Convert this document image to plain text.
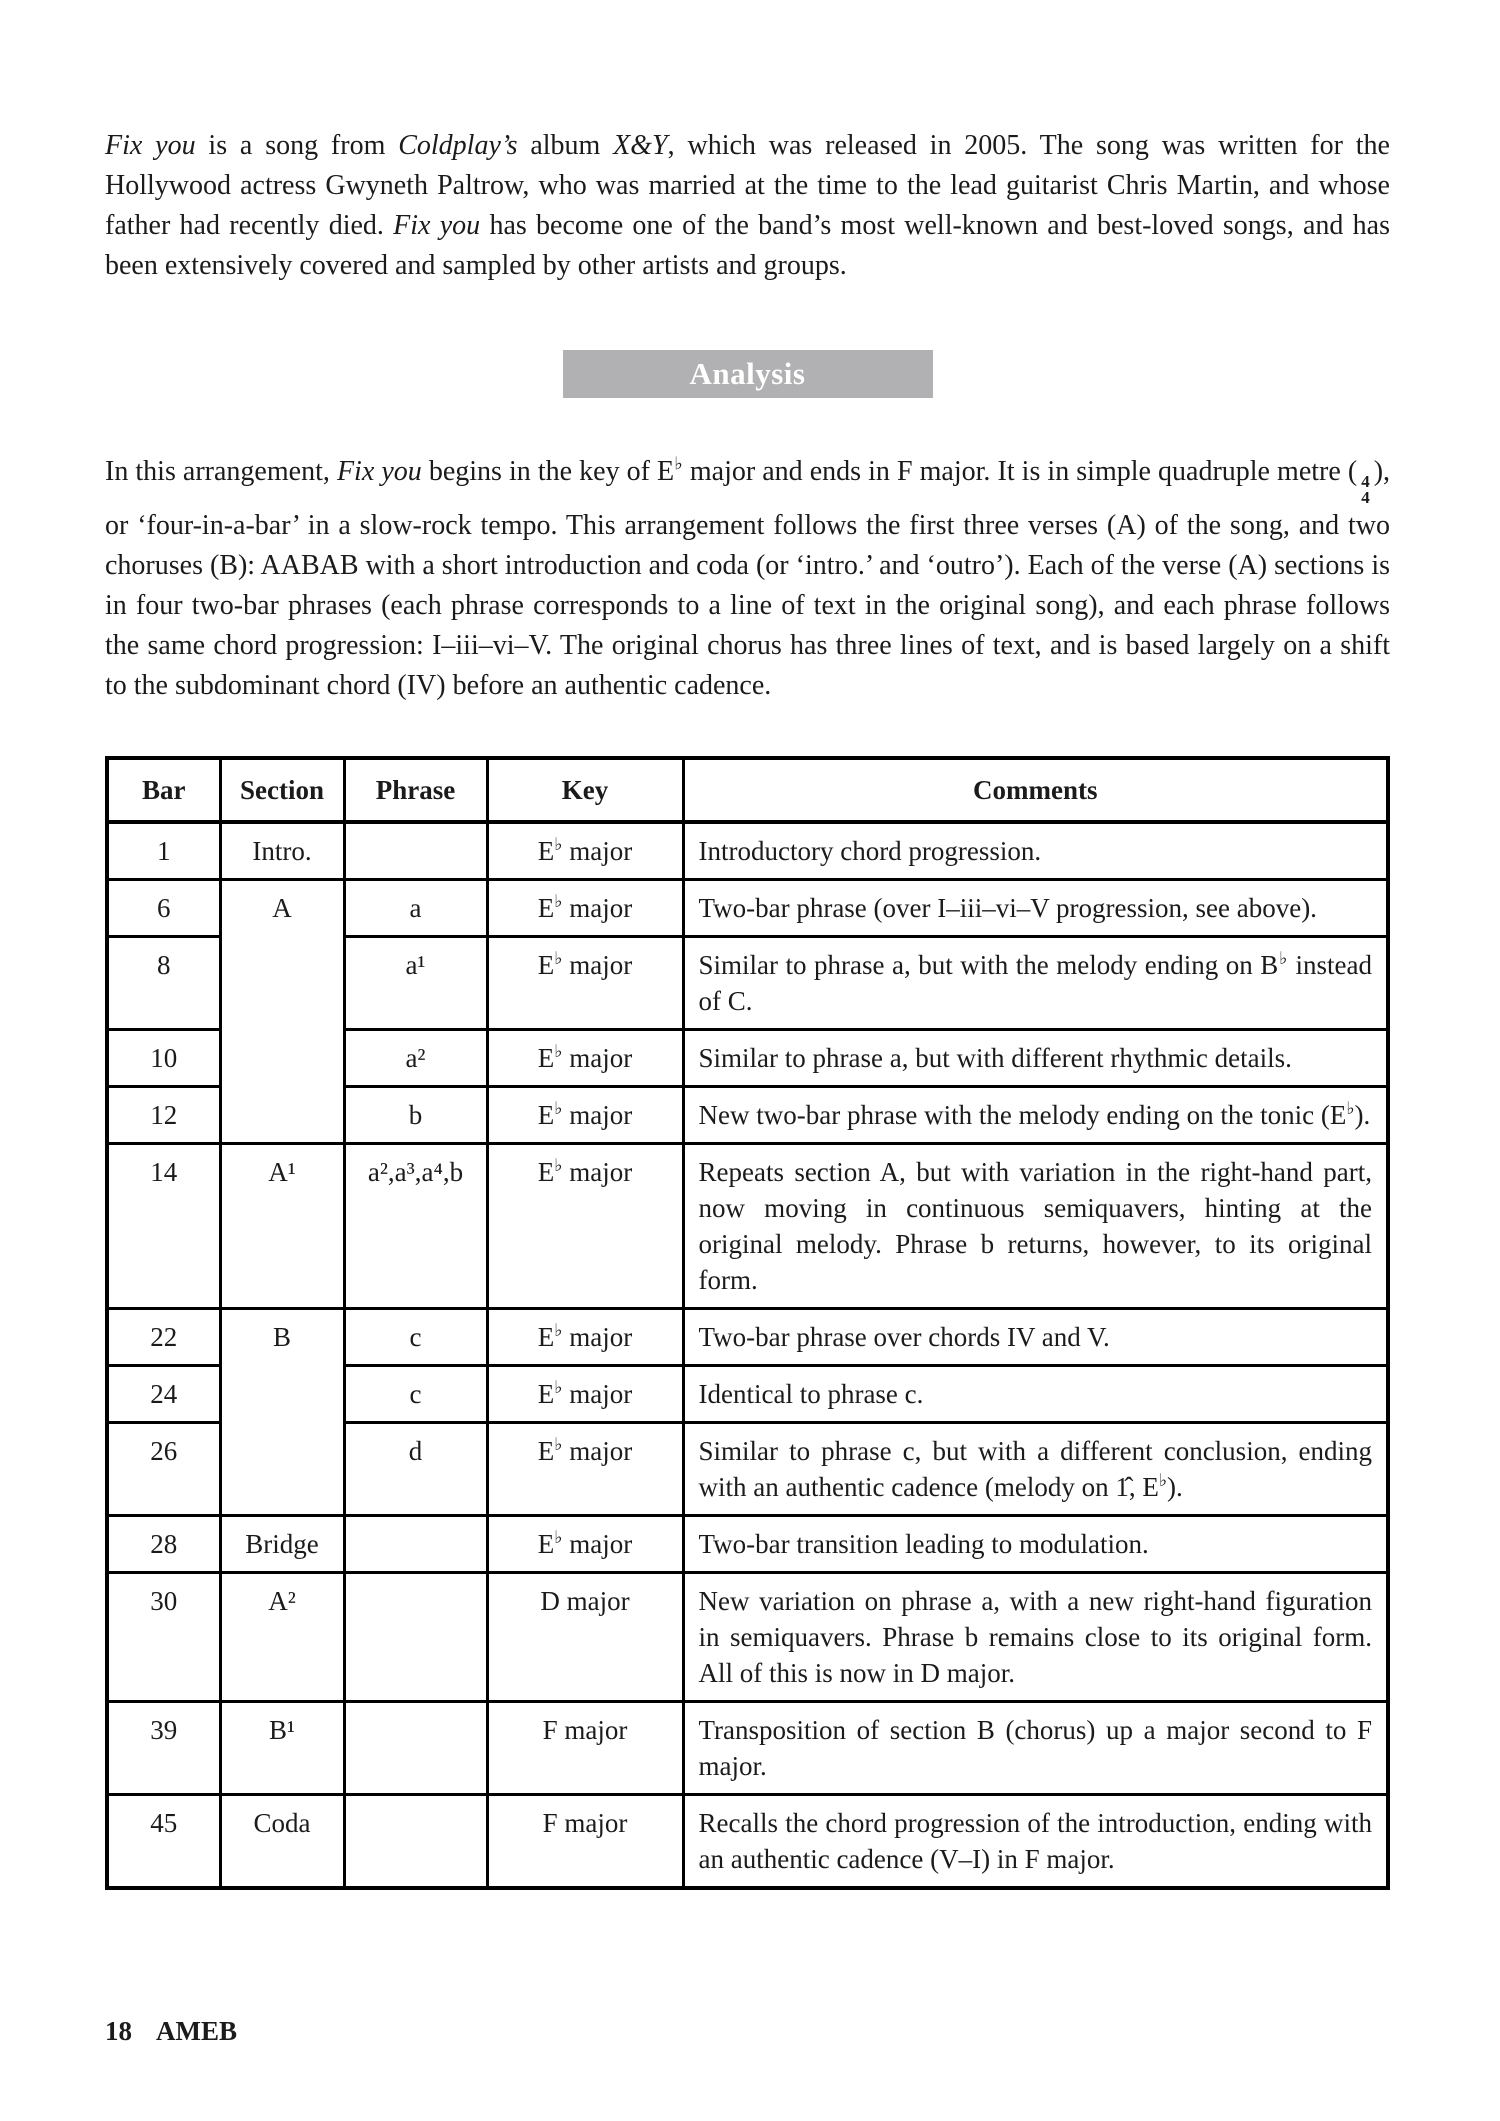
Fix you is a song from Coldplay’s album X&Y, which was released in 2005. The song was written for the Hollywood actress Gwyneth Paltrow, who was married at the time to the lead guitarist Chris Martin, and whose father had recently died. Fix you has become one of the band’s most well-known and best-loved songs, and has been extensively covered and sampled by other artists and groups.

Analysis

In this arrangement, Fix you begins in the key of E♭ major and ends in F major. It is in simple quadruple metre ( 4
4
), or ‘four-in-a-bar’ in a slow-rock tempo. This arrangement follows the first three verses (A) of the song, and two choruses (B): AABAB with a short introduction and coda (or ‘intro.’ and ‘outro’). Each of the verse (A) sections is in four two-bar phrases (each phrase corresponds to a line of text in the original song), and each phrase follows the same chord progression: I–iii–vi–V. The original chorus has three lines of text, and is based largely on a shift to the subdominant chord (IV) before an authentic cadence.

Bar	Section	Phrase	Key	Comments
1	Intro.		E♭ major	Introductory chord progression.
6	A	a	E♭ major	Two-bar phrase (over I–iii–vi–V progression, see above).
8		a¹	E♭ major	Similar to phrase a, but with the melody ending on B♭ instead of C.
10		a²	E♭ major	Similar to phrase a, but with different rhythmic details.
12		b	E♭ major	New two-bar phrase with the melody ending on the tonic (E♭).
14	A¹	a²,a³,a⁴,b	E♭ major	Repeats section A, but with variation in the right-hand part, now moving in continuous semiquavers, hinting at the original melody. Phrase b returns, however, to its original form.
22	B	c	E♭ major	Two-bar phrase over chords IV and V.
24		c	E♭ major	Identical to phrase c.
26		d	E♭ major	Similar to phrase c, but with a different conclusion, ending with an authentic cadence (melody on 1̂, E♭).
28	Bridge		E♭ major	Two-bar transition leading to modulation.
30	A²		D major	New variation on phrase a, with a new right-hand figuration in semiquavers. Phrase b remains close to its original form. All of this is now in D major.
39	B¹		F major	Transposition of section B (chorus) up a major second to F major.
45	Coda		F major	Recalls the chord progression of the introduction, ending with an authentic cadence (V–I) in F major.
18 AMEB
